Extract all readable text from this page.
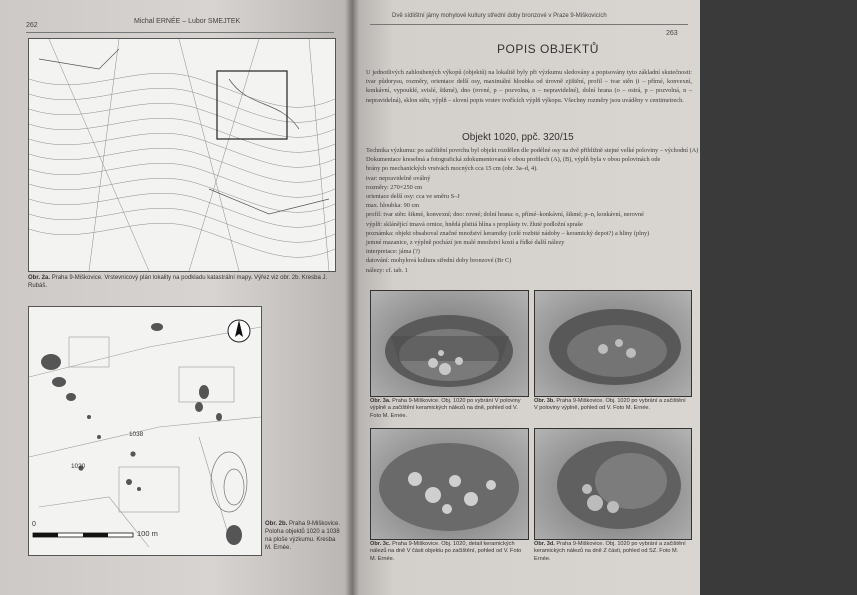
262
Michal ERNÉE – Lubor SMEJTEK
Obr. 2a. Praha 9-Miškovice. Vrstevnicový plán lokality na podkladu katastrální mapy. Výřez viz obr. 2b. Kresba J. Rubáš.
1038
1020
0
100 m
Obr. 2b. Praha 9-Miškovice. Poloha objektů 1020 a 1038 na ploše výzkumu. Kresba M. Ernée.
Dvě sídlištní jámy mohylové kultury střední doby bronzové v Praze 9-Miškovicích
263
POPIS OBJEKTŮ
U jednotlivých zahloubených výkopů (objektů) na lokalitě byly při výzkumu sledovány a popisovány tyto základní skutečnosti: tvar půdorysu, rozměry, orientace delší osy, maximální hloubka od úrovně zjištění, profil – tvar stěn (i – přímé, konvexní, konkávní, vypouklé, svislé, šikmé), dno (rovné, p – pozvolna, n – nepravidelné), dolní hrana (o – ostrá, p – pozvolná, n – nepravidelná), sklon stěn, výplň – slovní popis vrstev tvořících výplň výkopu. Všechny rozměry jsou uváděny v centimetrech.
Objekt 1020, ppč. 320/15
Technika výzkumu: po začištění povrchu byl objekt rozdělen dle podélné osy na dvě přibližně stejné velké poloviny – východní (A) a západní (B), obě poloviny objektu byly zkoumány odděleně.
Dokumentace kresebná a fotografická zdokumentovaná v obou profilech (A), (B), výplň byla v obou polovinách ode
brány po mechanických vrstvách mocných cca 15 cm (obr. 3a–d, 4).
tvar: nepravidelně oválný
rozměry: 270×250 cm
orientace delší osy: cca ve směru S–J
max. hloubka: 90 cm
profil: tvar stěn: šikmé, konvexní; dno: rovné; dolní hrana: o, přímé–konkávní, šikmé; p–n, konkávní, nerovné
výplň: sklánějící tmavá ornice, hnědá plstitá hlína s proplásty tv. žluté podložní spraše
poznámka: objekt obsahoval značné množství keramiky (celé rozbité nádoby – keramický depot?) a hliny (plny)
jemné mazanice, z výplně pochází jen malé množství kostí a řídké další nálezy
interpretace: jáma (?)
datování: mohylová kultura střední doby bronzové (Br C)
nálezy: cf. tab. 1
Obr. 3a. Praha 9-Miškovice. Obj. 1020 po vybrání V poloviny výplně a začištění keramických nálezů na dně, pohled od V. Foto M. Ernée.
Obr. 3b. Praha 9-Miškovice. Obj. 1020 po vybrání a začištění V poloviny výplně, pohled od V. Foto M. Ernée.
Obr. 3c. Praha 9-Miškovice. Obj. 1020, detail keramických nálezů na dně V části objektu po začištění, pohled od V. Foto M. Ernée.
Obr. 3d. Praha 9-Miškovice. Obj. 1020 po vybrání a začištění keramických nálezů na dně Z části, pohled od SZ. Foto M. Ernée.
